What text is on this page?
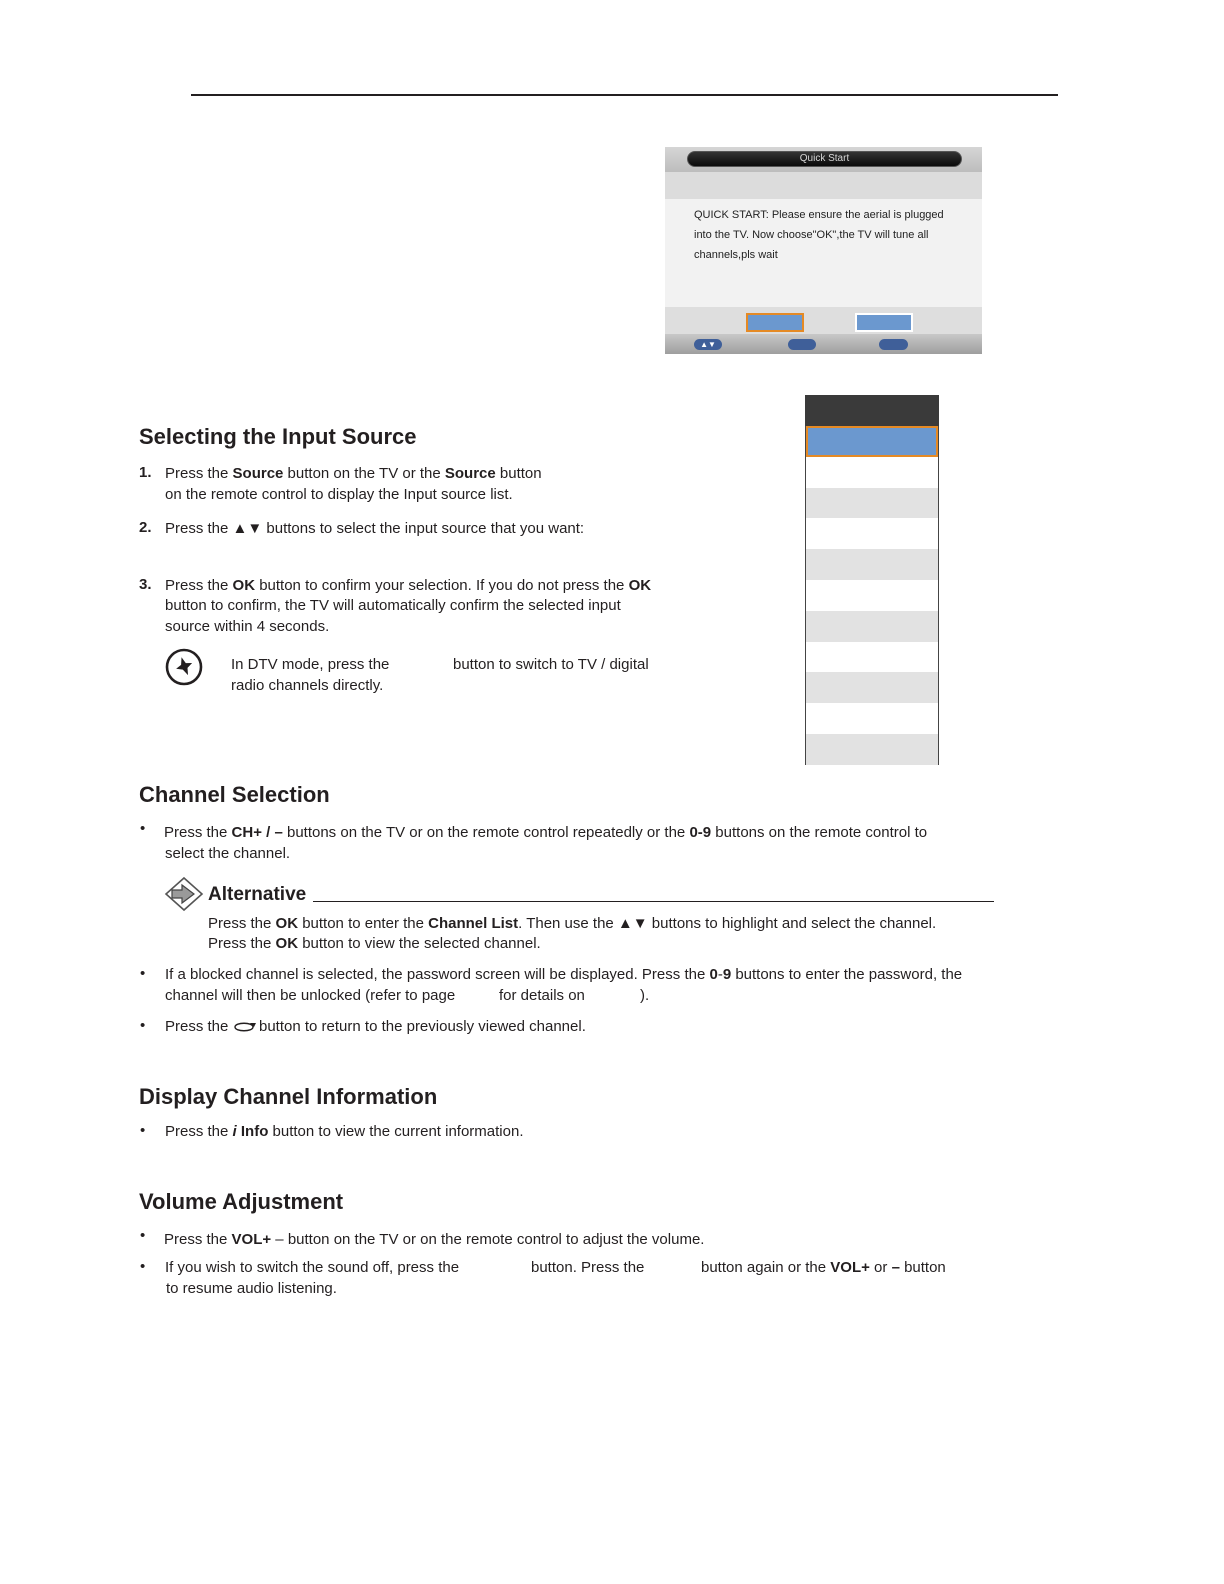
Quick Start
QUICK START: Please ensure the aerial is plugged
into the TV. Now choose"OK",the TV will tune all
channels,pls wait
▲▼
Selecting the Input Source
1. Press the Source button on the TV or the Source button
on the remote control to display the Input source list.
2. Press the ▲▼ buttons to select the input source that you want:
3. Press the OK button to confirm your selection. If you do not press the OK
button to confirm, the TV will automatically confirm the selected input
source within 4 seconds.
In DTV mode, press the	button to switch to TV / digital
radio channels directly.
Channel Selection
• Press the CH+ / – buttons on the TV or on the remote control repeatedly or the 0-9 buttons on the remote control to
select the channel.
Alternative
Press the OK button to enter the Channel List. Then use the ▲▼ buttons to highlight and select the channel.
Press the OK button to view the selected channel.
• If a blocked channel is selected, the password screen will be displayed. Press the 0-9 buttons to enter the password, the
channel will then be unlocked (refer to page	for details on	).
• Press the button to return to the previously viewed channel.
Display Channel Information
• Press the i Info button to view the current information.
Volume Adjustment
• Press the VOL+ – button on the TV or on the remote control to adjust the volume.
• If you wish to switch the sound off, press the	button. Press the	button again or the VOL+ or – button
to resume audio listening.
